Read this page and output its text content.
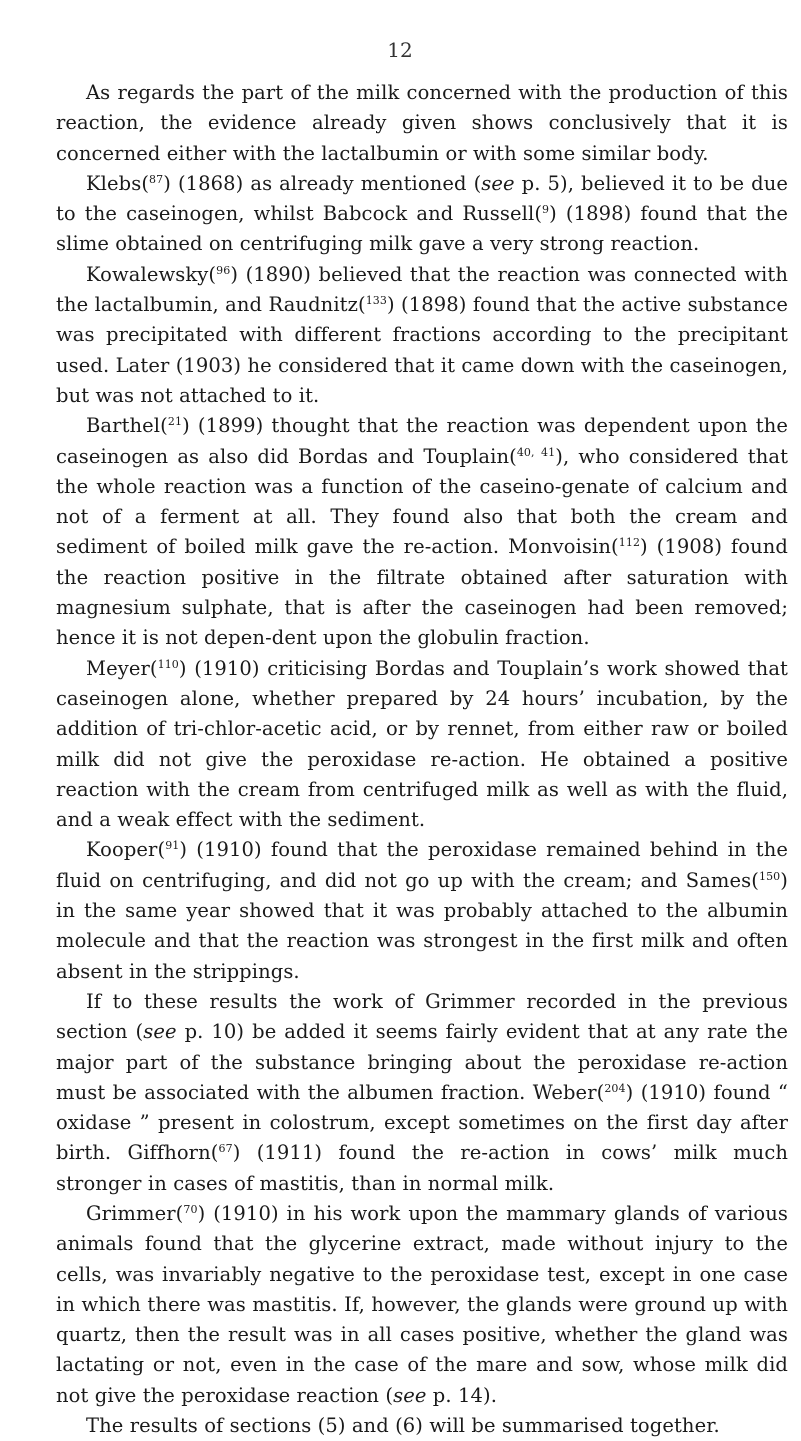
12

As regards the part of the milk concerned with the production of this reaction, the evidence already given shows conclusively that it is concerned either with the lactalbumin or with some similar body.

Klebs($^{87}$) (1868) as already mentioned (see p. 5), believed it to be due to the caseinogen, whilst Babcock and Russell($^9$) (1898) found that the slime obtained on centrifuging milk gave a very strong reaction.

Kowalewsky($^{96}$) (1890) believed that the reaction was connected with the lactalbumin, and Raudnitz($^{133}$) (1898) found that the active substance was precipitated with different fractions according to the precipitant used. Later (1903) he considered that it came down with the caseinogen, but was not attached to it.

Barthel($^{21}$) (1899) thought that the reaction was dependent upon the caseinogen as also did Bordas and Touplain($^{40, 41}$), who considered that the whole reaction was a function of the caseino-genate of calcium and not of a ferment at all. They found also that both the cream and sediment of boiled milk gave the re-action. Monvoisin($^{112}$) (1908) found the reaction positive in the filtrate obtained after saturation with magnesium sulphate, that is after the caseinogen had been removed; hence it is not depen-dent upon the globulin fraction.

Meyer($^{110}$) (1910) criticising Bordas and Touplain’s work showed that caseinogen alone, whether prepared by 24 hours’ incubation, by the addition of tri-chlor-acetic acid, or by rennet, from either raw or boiled milk did not give the peroxidase re-action. He obtained a positive reaction with the cream from centrifuged milk as well as with the fluid, and a weak effect with the sediment.

Kooper($^{91}$) (1910) found that the peroxidase remained behind in the fluid on centrifuging, and did not go up with the cream; and Sames($^{150}$) in the same year showed that it was probably attached to the albumin molecule and that the reaction was strongest in the first milk and often absent in the strippings.

If to these results the work of Grimmer recorded in the previous section (see p. 10) be added it seems fairly evident that at any rate the major part of the substance bringing about the peroxidase re-action must be associated with the albumen fraction. Weber($^{204}$) (1910) found “ oxidase ” present in colostrum, except sometimes on the first day after birth. Giffhorn($^{67}$) (1911) found the re-action in cows’ milk much stronger in cases of mastitis, than in normal milk.

Grimmer($^{70}$) (1910) in his work upon the mammary glands of various animals found that the glycerine extract, made without injury to the cells, was invariably negative to the peroxidase test, except in one case in which there was mastitis. If, however, the glands were ground up with quartz, then the result was in all cases positive, whether the gland was lactating or not, even in the case of the mare and sow, whose milk did not give the peroxidase reaction (see p. 14).

The results of sections (5) and (6) will be summarised together.
